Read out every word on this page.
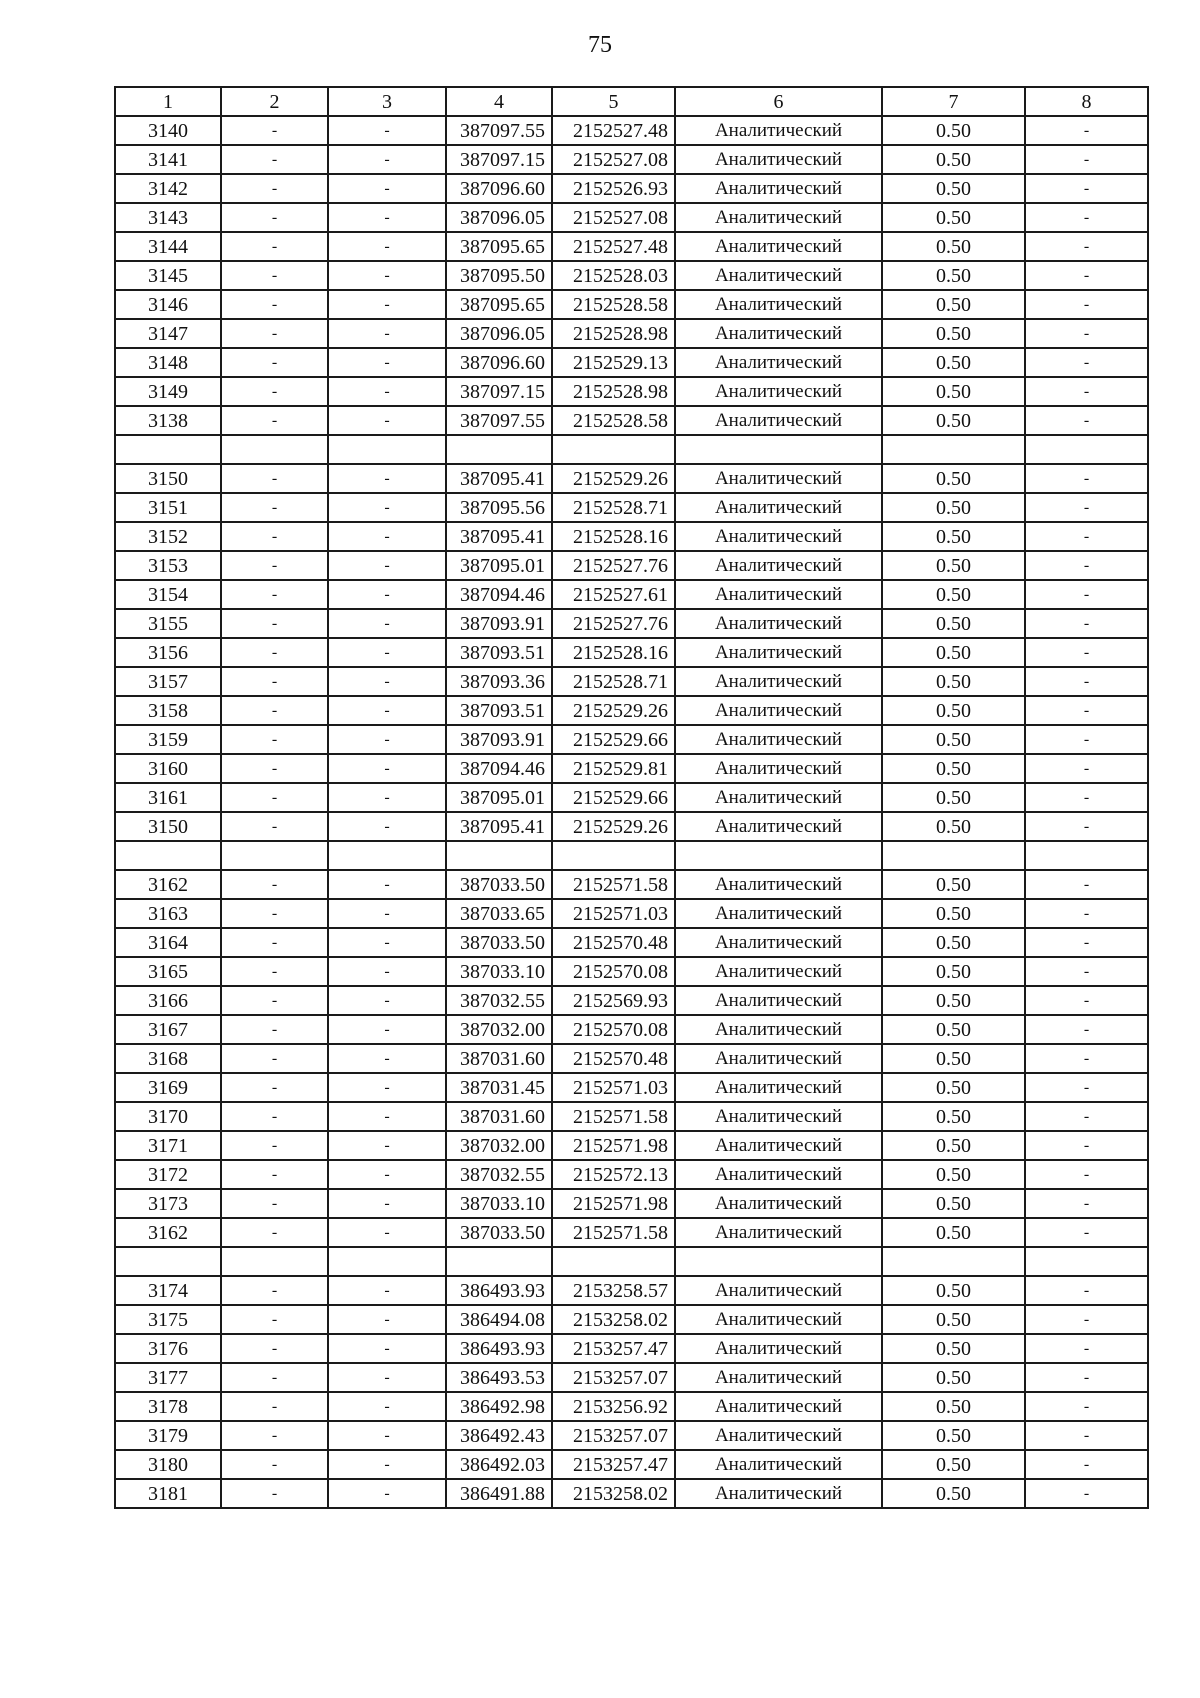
75
1	2	3	4	5	6	7	8
3140	-	-	387097.55	2152527.48	Аналитический	0.50	-
3141	-	-	387097.15	2152527.08	Аналитический	0.50	-
3142	-	-	387096.60	2152526.93	Аналитический	0.50	-
3143	-	-	387096.05	2152527.08	Аналитический	0.50	-
3144	-	-	387095.65	2152527.48	Аналитический	0.50	-
3145	-	-	387095.50	2152528.03	Аналитический	0.50	-
3146	-	-	387095.65	2152528.58	Аналитический	0.50	-
3147	-	-	387096.05	2152528.98	Аналитический	0.50	-
3148	-	-	387096.60	2152529.13	Аналитический	0.50	-
3149	-	-	387097.15	2152528.98	Аналитический	0.50	-
3138	-	-	387097.55	2152528.58	Аналитический	0.50	-

3150	-	-	387095.41	2152529.26	Аналитический	0.50	-
3151	-	-	387095.56	2152528.71	Аналитический	0.50	-
3152	-	-	387095.41	2152528.16	Аналитический	0.50	-
3153	-	-	387095.01	2152527.76	Аналитический	0.50	-
3154	-	-	387094.46	2152527.61	Аналитический	0.50	-
3155	-	-	387093.91	2152527.76	Аналитический	0.50	-
3156	-	-	387093.51	2152528.16	Аналитический	0.50	-
3157	-	-	387093.36	2152528.71	Аналитический	0.50	-
3158	-	-	387093.51	2152529.26	Аналитический	0.50	-
3159	-	-	387093.91	2152529.66	Аналитический	0.50	-
3160	-	-	387094.46	2152529.81	Аналитический	0.50	-
3161	-	-	387095.01	2152529.66	Аналитический	0.50	-
3150	-	-	387095.41	2152529.26	Аналитический	0.50	-

3162	-	-	387033.50	2152571.58	Аналитический	0.50	-
3163	-	-	387033.65	2152571.03	Аналитический	0.50	-
3164	-	-	387033.50	2152570.48	Аналитический	0.50	-
3165	-	-	387033.10	2152570.08	Аналитический	0.50	-
3166	-	-	387032.55	2152569.93	Аналитический	0.50	-
3167	-	-	387032.00	2152570.08	Аналитический	0.50	-
3168	-	-	387031.60	2152570.48	Аналитический	0.50	-
3169	-	-	387031.45	2152571.03	Аналитический	0.50	-
3170	-	-	387031.60	2152571.58	Аналитический	0.50	-
3171	-	-	387032.00	2152571.98	Аналитический	0.50	-
3172	-	-	387032.55	2152572.13	Аналитический	0.50	-
3173	-	-	387033.10	2152571.98	Аналитический	0.50	-
3162	-	-	387033.50	2152571.58	Аналитический	0.50	-

3174	-	-	386493.93	2153258.57	Аналитический	0.50	-
3175	-	-	386494.08	2153258.02	Аналитический	0.50	-
3176	-	-	386493.93	2153257.47	Аналитический	0.50	-
3177	-	-	386493.53	2153257.07	Аналитический	0.50	-
3178	-	-	386492.98	2153256.92	Аналитический	0.50	-
3179	-	-	386492.43	2153257.07	Аналитический	0.50	-
3180	-	-	386492.03	2153257.47	Аналитический	0.50	-
3181	-	-	386491.88	2153258.02	Аналитический	0.50	-
